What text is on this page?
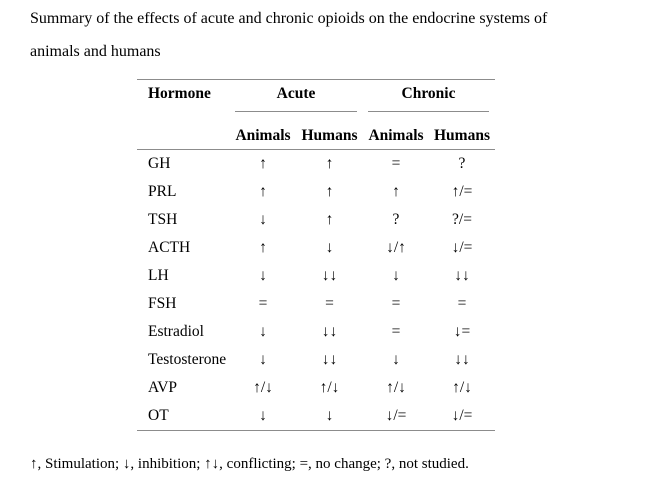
Summary of the effects of acute and chronic opioids on the endocrine systems of
animals and humans
Hormone	Acute	Chronic
Animals Humans Animals Humans
GH	↑	↑	=	?
PRL	↑	↑	↑	↑/=
TSH	↓	↑	?	?/=
ACTH	↑	↓	↓/↑	↓/=
LH	↓	↓↓	↓	↓↓
FSH	=	=	=	=
Estradiol	↓	↓↓	=	↓=
Testosterone	↓	↓↓	↓	↓↓
AVP	↑/↓	↑/↓	↑/↓	↑/↓
OT	↓	↓	↓/=	↓/=
↑, Stimulation; ↓, inhibition; ↑↓, conflicting; =, no change; ?, not studied.
